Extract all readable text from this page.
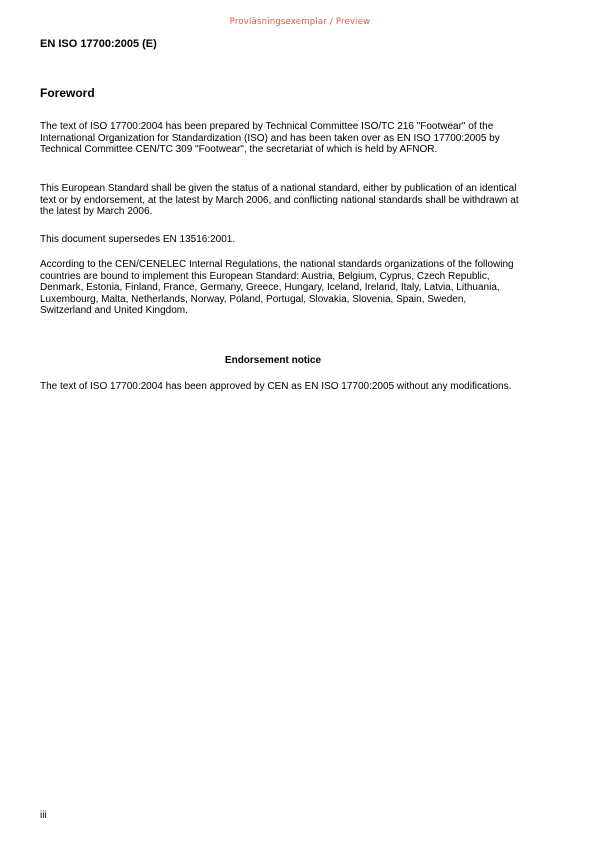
Provläsningsexemplar / Preview
EN ISO 17700:2005 (E)
Foreword

The text of ISO 17700:2004 has been prepared by Technical Committee ISO/TC 216 "Footwear" of the International Organization for Standardization (ISO) and has been taken over as EN ISO 17700:2005 by Technical Committee CEN/TC 309 "Footwear", the secretariat of which is held by AFNOR.

This European Standard shall be given the status of a national standard, either by publication of an identical text or by endorsement, at the latest by March 2006, and conflicting national standards shall be withdrawn at the latest by March 2006.

This document supersedes EN 13516:2001.

According to the CEN/CENELEC Internal Regulations, the national standards organizations of the following countries are bound to implement this European Standard: Austria, Belgium, Cyprus, Czech Republic, Denmark, Estonia, Finland, France, Germany, Greece, Hungary, Iceland, Ireland, Italy, Latvia, Lithuania, Luxembourg, Malta, Netherlands, Norway, Poland, Portugal, Slovakia, Slovenia, Spain, Sweden, Switzerland and United Kingdom.

Endorsement notice

The text of ISO 17700:2004 has been approved by CEN as EN ISO 17700:2005 without any modifications.

iii
